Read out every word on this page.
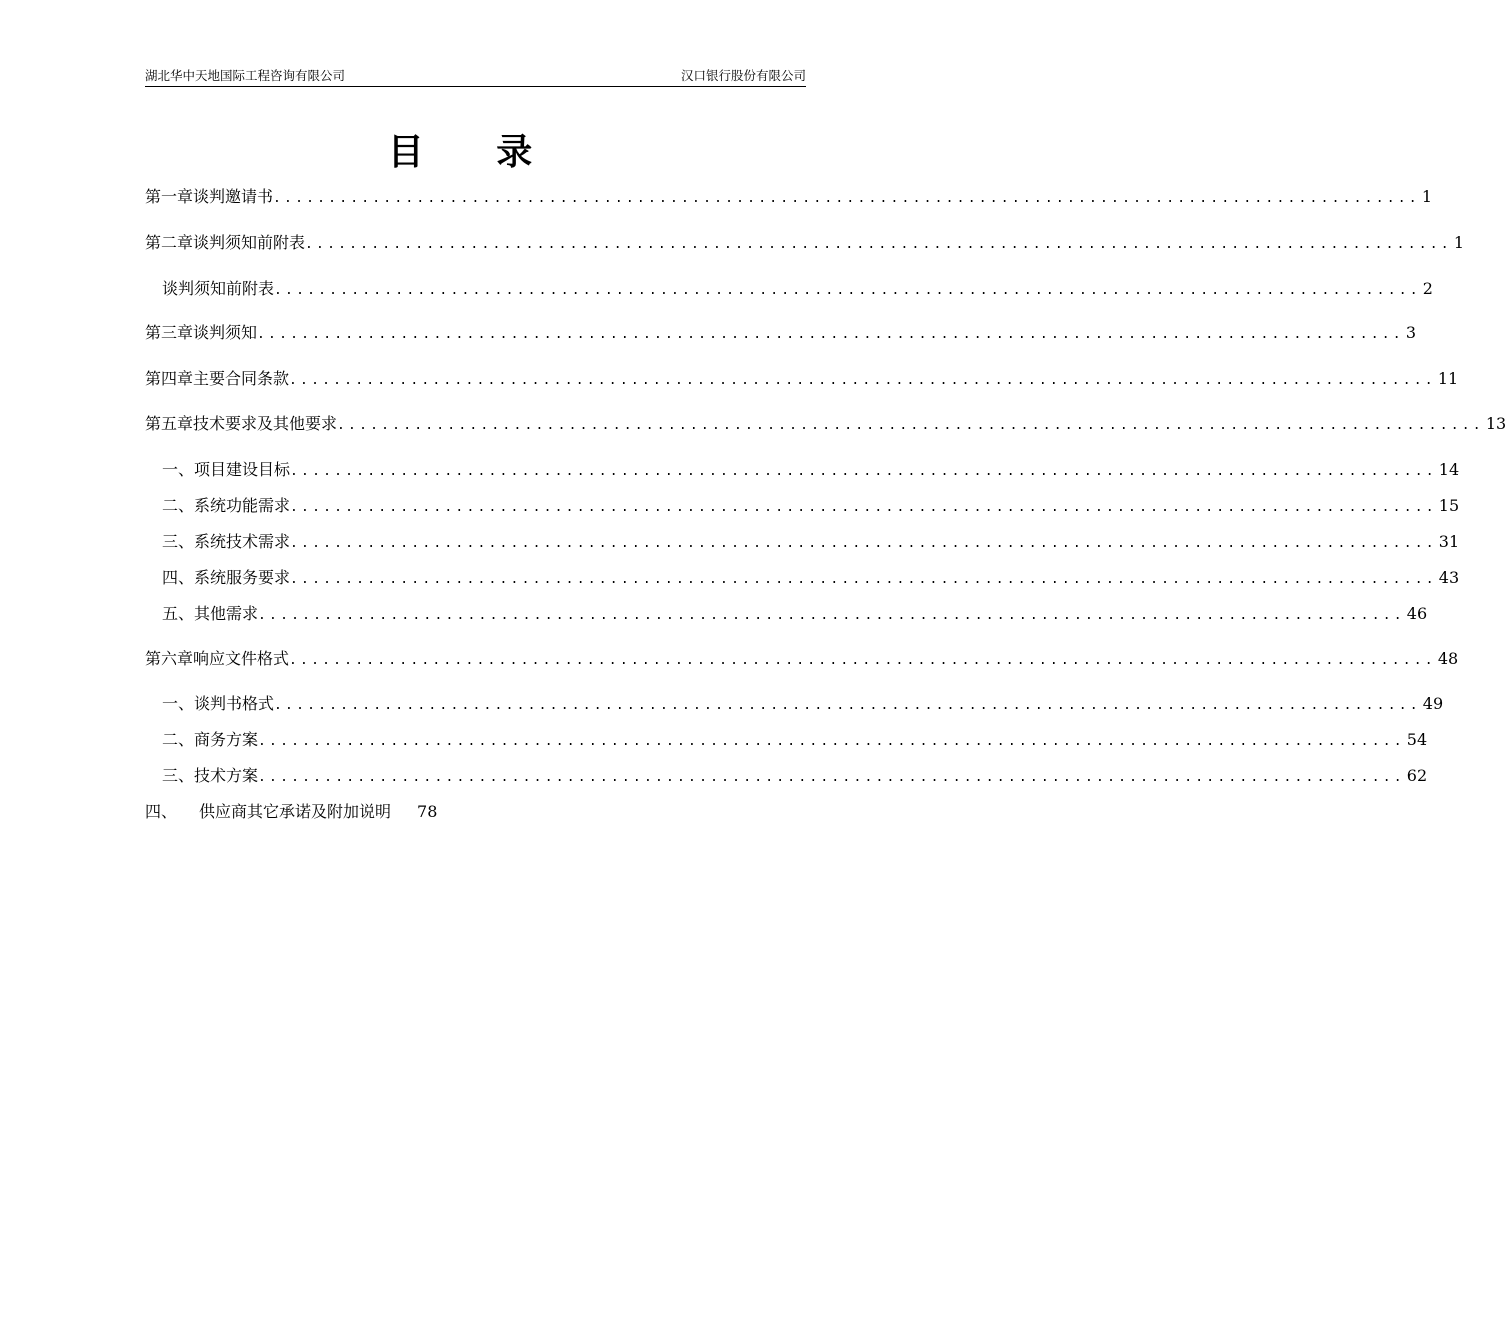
湖北华中天地国际工程咨询有限公司	汉口银行股份有限公司
目 录
第一章 谈判邀请书 ........................................................................................................ 1
第二章 谈判须知前附表 ........................................................................................................ 1
谈判须知前附表 ........................................................................................................ 2
第三章 谈判须知 ........................................................................................................ 3
第四章 主要合同条款 ........................................................................................................ 11
第五章 技术要求及其他要求 ........................................................................................................ 13
一、项目建设目标 ........................................................................................................ 14
二、系统功能需求 ........................................................................................................ 15
三、系统技术需求 ........................................................................................................ 31
四、系统服务要求 ........................................................................................................ 43
五、其他需求 ........................................................................................................ 46
第六章 响应文件格式 ........................................................................................................ 48
一、谈判书格式 ........................................................................................................ 49
二、商务方案 ........................................................................................................ 54
三、技术方案 ........................................................................................................ 62
四、 供应商其它承诺及附加说明 78
